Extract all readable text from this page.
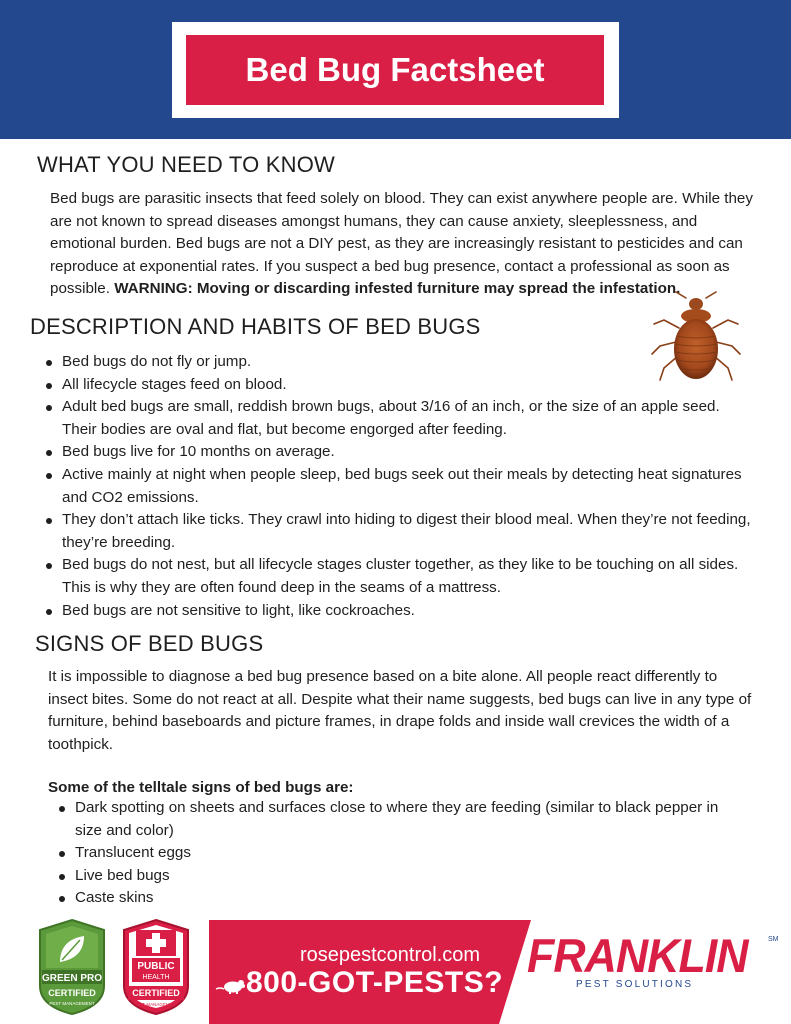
Bed Bug Factsheet
WHAT YOU NEED TO KNOW

Bed bugs are parasitic insects that feed solely on blood. They can exist anywhere people are. While they are not known to spread diseases amongst humans, they can cause anxiety, sleeplessness, and emotional burden. Bed bugs are not a DIY pest, as they are increasingly resistant to pesticides and can reproduce at exponential rates. If you suspect a bed bug presence, contact a professional as soon as possible. WARNING: Moving or discarding infested furniture may spread the infestation.

DESCRIPTION AND HABITS OF BED BUGS
Bed bugs do not fly or jump.
All lifecycle stages feed on blood.
Adult bed bugs are small, reddish brown bugs, about 3/16 of an inch, or the size of an apple seed. Their bodies are oval and flat, but become engorged after feeding.
Bed bugs live for 10 months on average.
Active mainly at night when people sleep, bed bugs seek out their meals by detecting heat signatures and CO2 emissions.
They don’t attach like ticks. They crawl into hiding to digest their blood meal. When they’re not feeding, they’re breeding.
Bed bugs do not nest, but all lifecycle stages cluster together, as they like to be touching on all sides. This is why they are often found deep in the seams of a mattress.
Bed bugs are not sensitive to light, like cockroaches.
SIGNS OF BED BUGS

It is impossible to diagnose a bed bug presence based on a bite alone. All people react differently to insect bites. Some do not react at all. Despite what their name suggests, bed bugs can live in any type of furniture, behind baseboards and picture frames, in drape folds and inside wall crevices the width of a toothpick.

Some of the telltale signs of bed bugs are:

Dark spotting on sheets and surfaces close to where they are feeding (similar to black pepper in size and color)
Translucent eggs
Live bed bugs
Caste skins
GREEN PRO
CERTIFIED
PEST MANAGEMENT
PUBLIC
HEALTH
CERTIFIED
PEST MANAGEMENT
rosepestcontrol.com
800-GOT-PESTS?
FRANKLIN	SM
PEST SOLUTIONS
